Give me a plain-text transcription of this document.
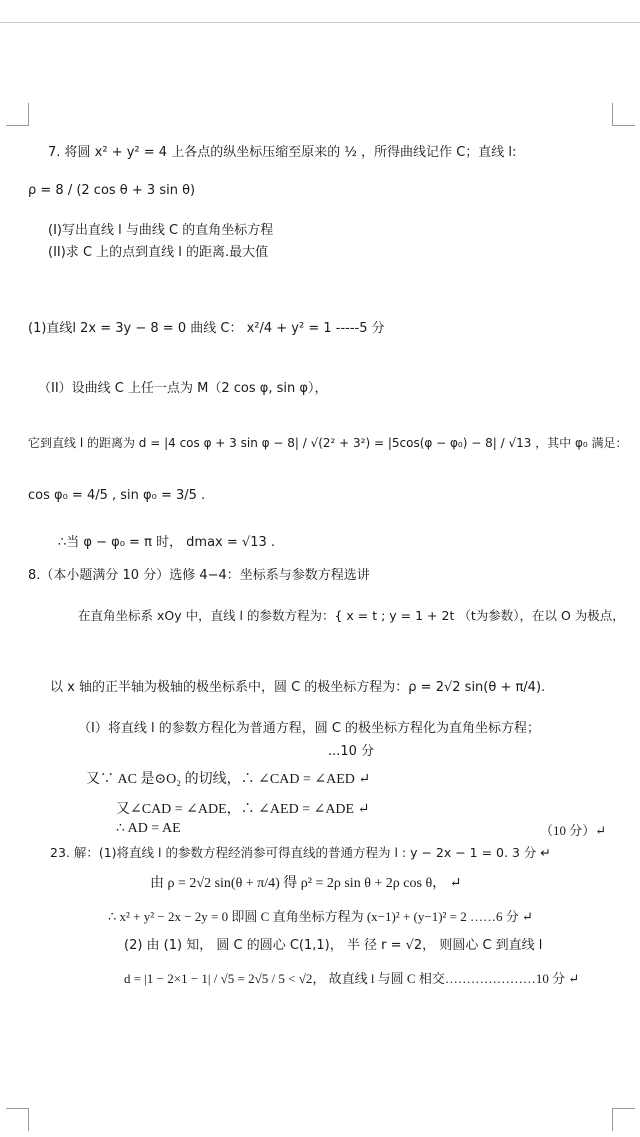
7. 将圆 x² + y² = 4 上各点的纵坐标压缩至原来的 ½ ，所得曲线记作 C；直线 l:
ρ = 8 / (2 cos θ + 3 sin θ)
(I)写出直线 l 与曲线 C 的直角坐标方程
(II)求 C 上的点到直线 l 的距离.最大值
(1)直线l 2x = 3y − 8 = 0 曲线 C： x²/4 + y² = 1 -----5 分
（II）设曲线 C 上任一点为 M（2 cos φ, sin φ），
它到直线 l 的距离为 d = |4 cos φ + 3 sin φ − 8| / √(2² + 3²) = |5cos(φ − φ₀) − 8| / √13 ，其中 φ₀ 满足：
cos φ₀ = 4/5 , sin φ₀ = 3/5 .
∴当 φ − φ₀ = π 时， dmax = √13 .
8.（本小题满分 10 分）选修 4−4：坐标系与参数方程选讲
在直角坐标系 xOy 中，直线 l 的参数方程为：{ x = t ; y = 1 + 2t （t为参数），在以 O 为极点，
以 x 轴的正半轴为极轴的极坐标系中，圆 C 的极坐标方程为：ρ = 2√2 sin(θ + π/4).
（I）将直线 l 的参数方程化为普通方程，圆 C 的极坐标方程化为直角坐标方程；
...10 分
又∵ AC 是⊙O₂ 的切线，∴ ∠CAD = ∠AED ↵
又∠CAD = ∠ADE，∴ ∠AED = ∠ADE ↵
∴ AD = AE	（10 分）↵
23. 解：(1)将直线 l 的参数方程经消参可得直线的普通方程为 l : y − 2x − 1 = 0. 3 分 ↵
由 ρ = 2√2 sin(θ + π/4) 得 ρ² = 2ρ sin θ + 2ρ cos θ， ↵
∴ x² + y² − 2x − 2y = 0 即圆 C 直角坐标方程为 (x−1)² + (y−1)² = 2 ……6 分 ↵
(2) 由 (1) 知， 圆 C 的圆心 C(1,1)， 半 径 r = √2， 则圆心 C 到直线 l
d = |1 − 2×1 − 1| / √5 = 2√5 / 5 < √2， 故直线 l 与圆 C 相交…………………10 分 ↵
